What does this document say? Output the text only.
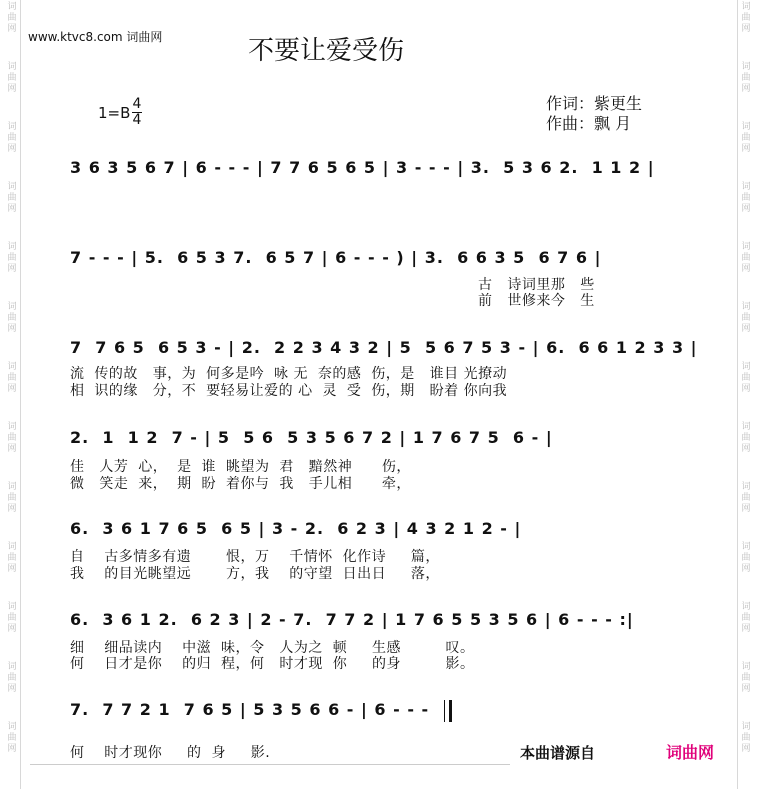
词
曲
网
词
曲
网
词
曲
网
词
曲
网
词
曲
网
词
曲
网
词
曲
网
词
曲
网
词
曲
网
词
曲
网
词
曲
网
词
曲
网
词
曲
网
词
曲
网
词
曲
网
词
曲
网
词
曲
网
词
曲
网
词
曲
网
词
曲
网
词
曲
网
词
曲
网
词
曲
网
词
曲
网
词
曲
网
词
曲
网
www.ktvc8.com 词曲网	不要让爱受伤
1=B 4
4
作词：紫更生
作曲：飘 月
3 6 3 5 6 7 | 6 - - - | 7 7 6 5 6 5 | 3 - - - | 3.  5 3 6 2.  1 1 2 |
7 - - - | 5.  6 5 3 7.  6 5 7 | 6 - - - ) | 3.  6 6 3 5  6 7 6 |
古   诗词里那   些
前   世修来今   生
7  7 6 5  6 5 3 - | 2.  2 2 3 4 3 2 | 5  5 6 7 5 3 - | 6.  6 6 1 2 3 3 |
流  传的故   事，为  何多是吟  咏 无  奈的感  伤，是   谁目 光撩动
相  识的缘   分，不  要轻易让爱的 心  灵  受  伤，期   盼着 你向我
2.  1  1 2  7 - | 5  5 6  5 3 5 6 7 2 | 1 7 6 7 5  6 - |
佳   人芳  心，  是  谁  眺望为  君   黯然神      伤，
微   笑走  来，  期  盼  着你与  我   手儿相      牵，
6.  3 6 1 7 6 5  6 5 | 3 - 2.  6 2 3 | 4 3 2 1 2 - |
自    古多情多有遗       恨，万    千情怀  化作诗     篇，
我    的目光眺望远       方，我    的守望  日出日     落，
6.  3 6 1 2.  6 2 3 | 2 - 7.  7 7 2 | 1 7 6 5 5 3 5 6 | 6 - - - :|
细    细品读内    中滋  味，令   人为之  顿     生感         叹。
何    日才是你    的归  程，何   时才现  你     的身         影。
7.  7 7 2 1  7 6 5 | 5 3 5 6 6 - | 6 - - -
何    时才现你     的  身     影.	本曲谱源自	词曲网
